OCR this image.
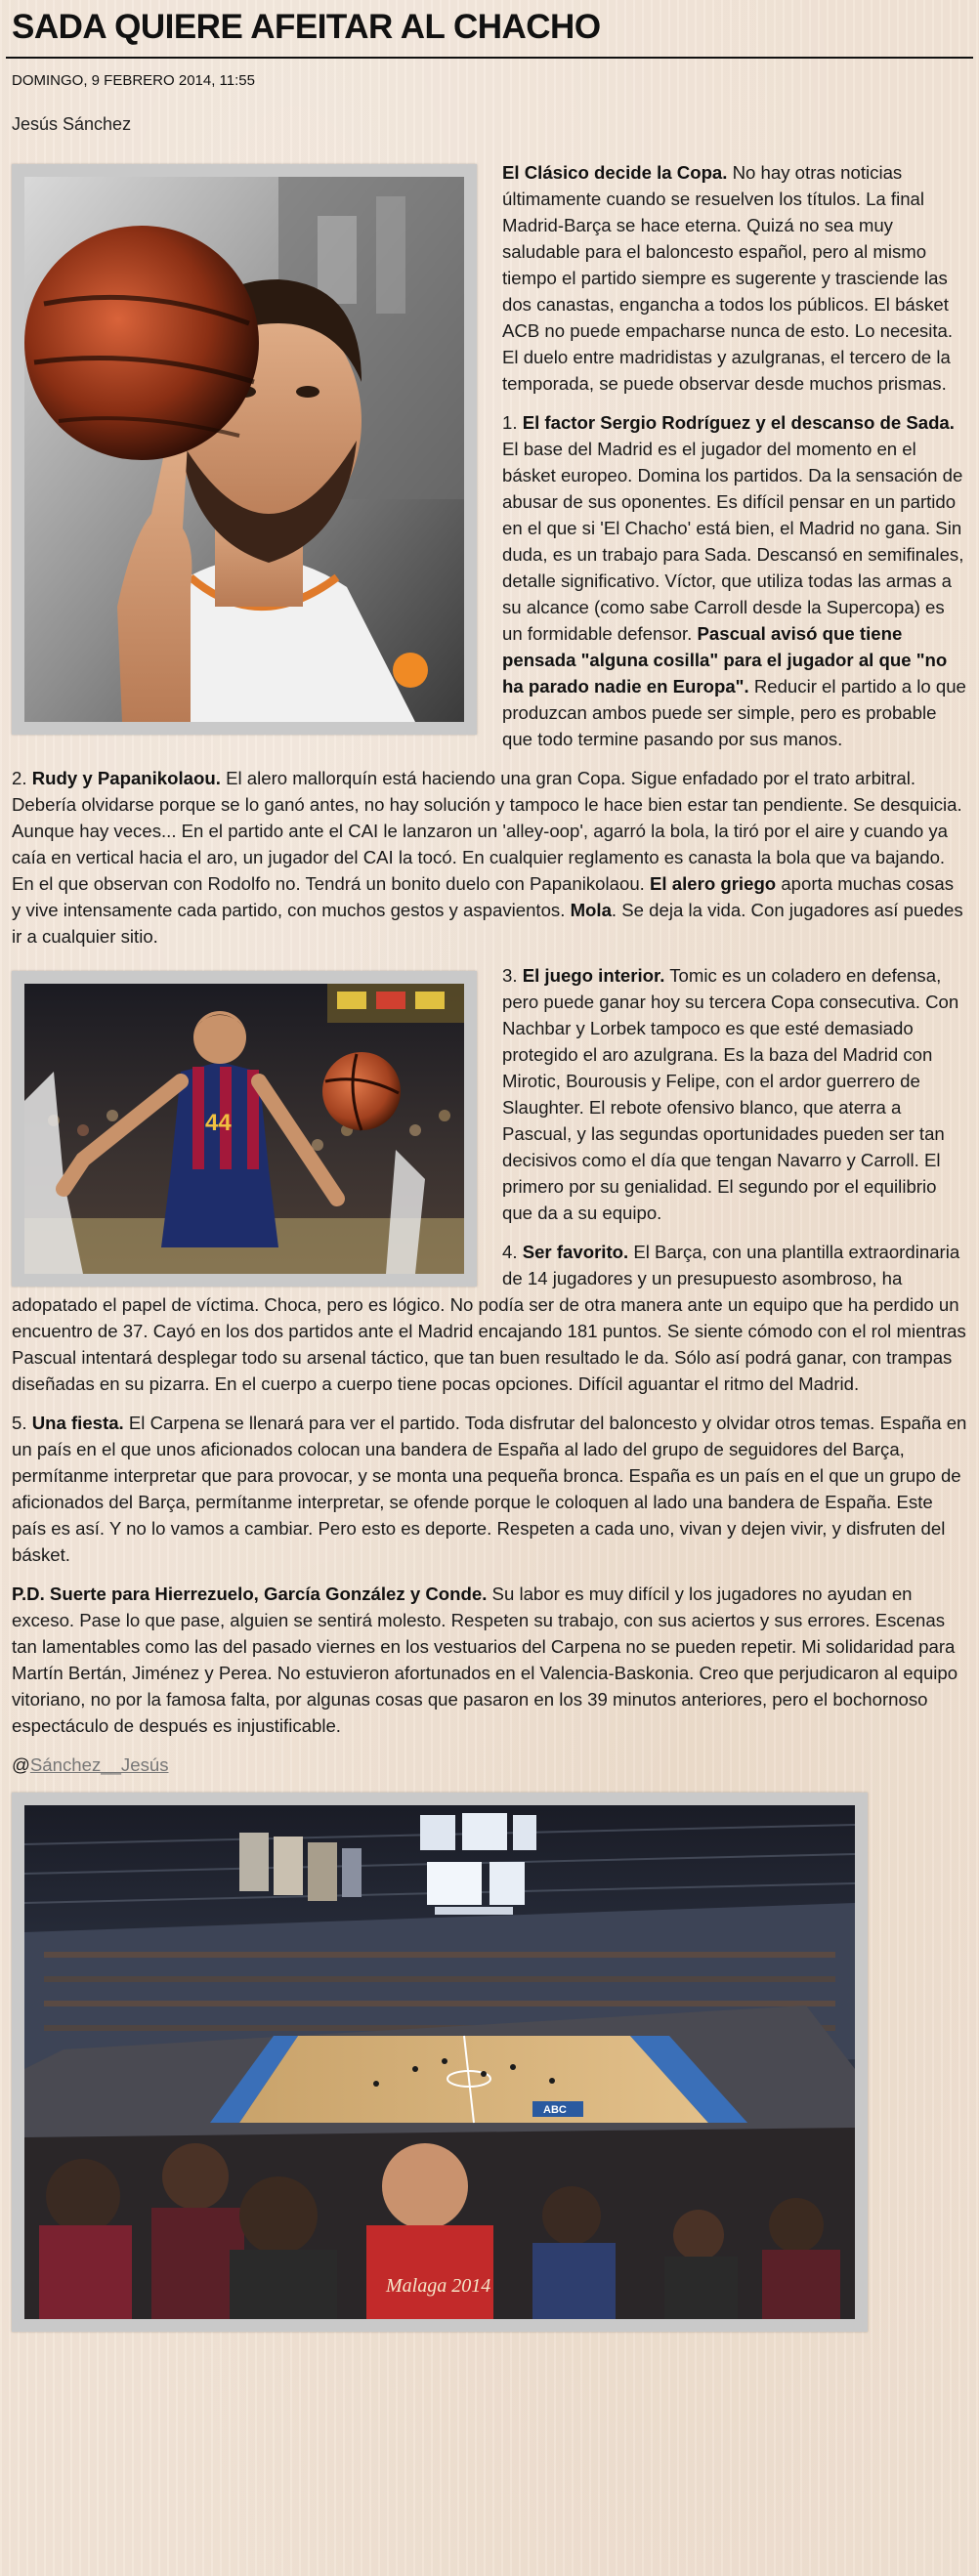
SADA QUIERE AFEITAR AL CHACHO
DOMINGO, 9 FEBRERO 2014, 11:55
Jesús Sánchez

El Clásico decide la Copa. No hay otras noticias últimamente cuando se resuelven los títulos. La final Madrid-Barça se hace eterna. Quizá no sea muy saludable para el baloncesto español, pero al mismo tiempo el partido siempre es sugerente y trasciende las dos canastas, engancha a todos los públicos. El básket ACB no puede empacharse nunca de esto. Lo necesita. El duelo entre madridistas y azulgranas, el tercero de la temporada, se puede observar desde muchos prismas.

1. El factor Sergio Rodríguez y el descanso de Sada. El base del Madrid es el jugador del momento en el básket europeo. Domina los partidos. Da la sensación de abusar de sus oponentes. Es difícil pensar en un partido en el que si 'El Chacho' está bien, el Madrid no gana. Sin duda, es un trabajo para Sada. Descansó en semifinales, detalle significativo. Víctor, que utiliza todas las armas a su alcance (como sabe Carroll desde la Supercopa) es un formidable defensor. Pascual avisó que tiene pensada "alguna cosilla" para el jugador al que "no ha parado nadie en Europa". Reducir el partido a lo que produzcan ambos puede ser simple, pero es probable que todo termine pasando por sus manos.

2. Rudy y Papanikolaou. El alero mallorquín está haciendo una gran Copa. Sigue enfadado por el trato arbitral. Debería olvidarse porque se lo ganó antes, no hay solución y tampoco le hace bien estar tan pendiente. Se desquicia. Aunque hay veces... En el partido ante el CAI le lanzaron un 'alley-oop', agarró la bola, la tiró por el aire y cuando ya caía en vertical hacia el aro, un jugador del CAI la tocó. En cualquier reglamento es canasta la bola que va bajando. En el que observan con Rodolfo no. Tendrá un bonito duelo con Papanikolaou. El alero griego aporta muchas cosas y vive intensamente cada partido, con muchos gestos y aspavientos. Mola. Se deja la vida. Con jugadores así puedes ir a cualquier sitio.

44

3. El juego interior. Tomic es un coladero en defensa, pero puede ganar hoy su tercera Copa consecutiva. Con Nachbar y Lorbek tampoco es que esté demasiado protegido el aro azulgrana. Es la baza del Madrid con Mirotic, Bourousis y Felipe, con el ardor guerrero de Slaughter. El rebote ofensivo blanco, que aterra a Pascual, y las segundas oportunidades pueden ser tan decisivos como el día que tengan Navarro y Carroll. El primero por su genialidad. El segundo por el equilibrio que da a su equipo.

4. Ser favorito. El Barça, con una plantilla extraordinaria de 14 jugadores y un presupuesto asombroso, ha adopatado el papel de víctima. Choca, pero es lógico. No podía ser de otra manera ante un equipo que ha perdido un encuentro de 37. Cayó en los dos partidos ante el Madrid encajando 181 puntos. Se siente cómodo con el rol mientras Pascual intentará desplegar todo su arsenal táctico, que tan buen resultado le da. Sólo así podrá ganar, con trampas diseñadas en su pizarra. En el cuerpo a cuerpo tiene pocas opciones. Difícil aguantar el ritmo del Madrid.

5. Una fiesta. El Carpena se llenará para ver el partido. Toda disfrutar del baloncesto y olvidar otros temas. España en un país en el que unos aficionados colocan una bandera de España al lado del grupo de seguidores del Barça, permítanme interpretar que para provocar, y se monta una pequeña bronca. España es un país en el que un grupo de aficionados del Barça, permítanme interpretar, se ofende porque le coloquen al lado una bandera de España. Este país es así. Y no lo vamos a cambiar. Pero esto es deporte. Respeten a cada uno, vivan y dejen vivir, y disfruten del básket.

P.D. Suerte para Hierrezuelo, García González y Conde. Su labor es muy difícil y los jugadores no ayudan en exceso. Pase lo que pase, alguien se sentirá molesto. Respeten su trabajo, con sus aciertos y sus errores. Escenas tan lamentables como las del pasado viernes en los vestuarios del Carpena no se pueden repetir. Mi solidaridad para Martín Bertán, Jiménez y Perea. No estuvieron afortunados en el Valencia-Baskonia. Creo que perjudicaron al equipo vitoriano, no por la famosa falta, por algunas cosas que pasaron en los 39 minutos anteriores, pero el bochornoso espectáculo de después es injustificable.

@Sánchez__Jesús
ABC
Malaga 2014
